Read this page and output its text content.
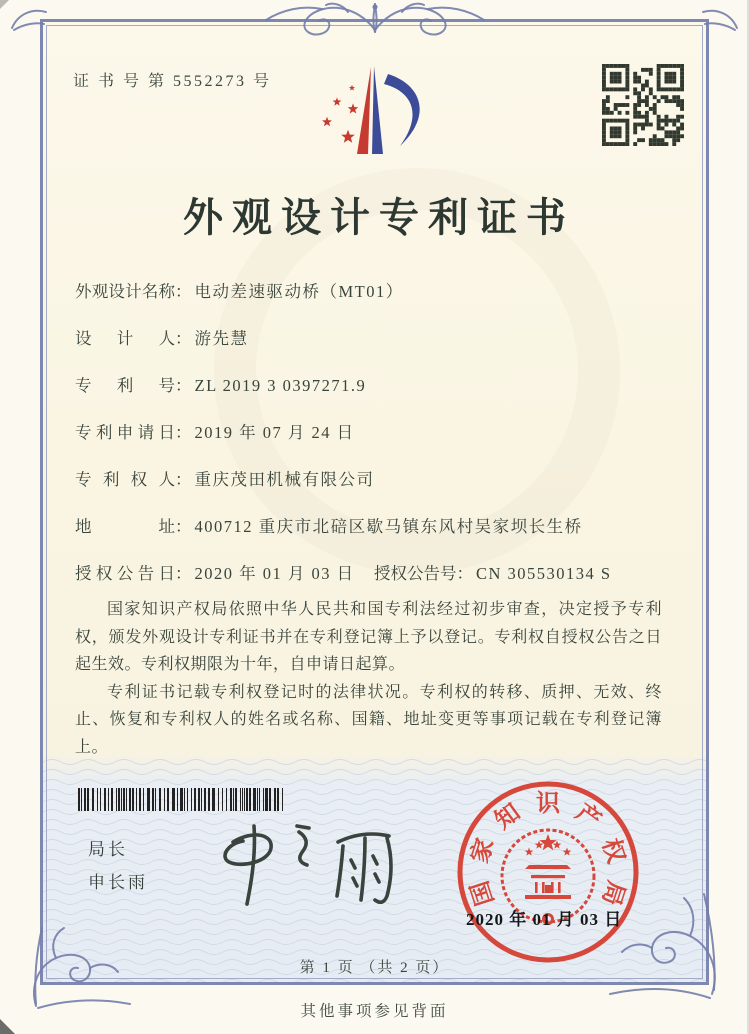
证 书 号 第 5552273 号
外观设计专利证书
外观设计名称： 电动差速驱动桥（MT01）
设计人： 游先慧
专利号： ZL 2019 3 0397271.9
专利申请日： 2019 年 07 月 24 日
专利权人： 重庆茂田机械有限公司
地址： 400712 重庆市北碚区歇马镇东风村吴家坝长生桥
授权公告日： 2020 年 01 月 03 日 授权公告号： CN 305530134 S

国家知识产权局依照中华人民共和国专利法经过初步审查，决定授予专利权，颁发外观设计专利证书并在专利登记簿上予以登记。专利权自授权公告之日起生效。专利权期限为十年，自申请日起算。

专利证书记载专利权登记时的法律状况。专利权的转移、质押、无效、终止、恢复和专利权人的姓名或名称、国籍、地址变更等事项记载在专利登记簿上。

局长
申长雨	国
家
知 识 产
权
局
2020 年 01 月 03 日
第 1 页 （共 2 页）
其他事项参见背面
